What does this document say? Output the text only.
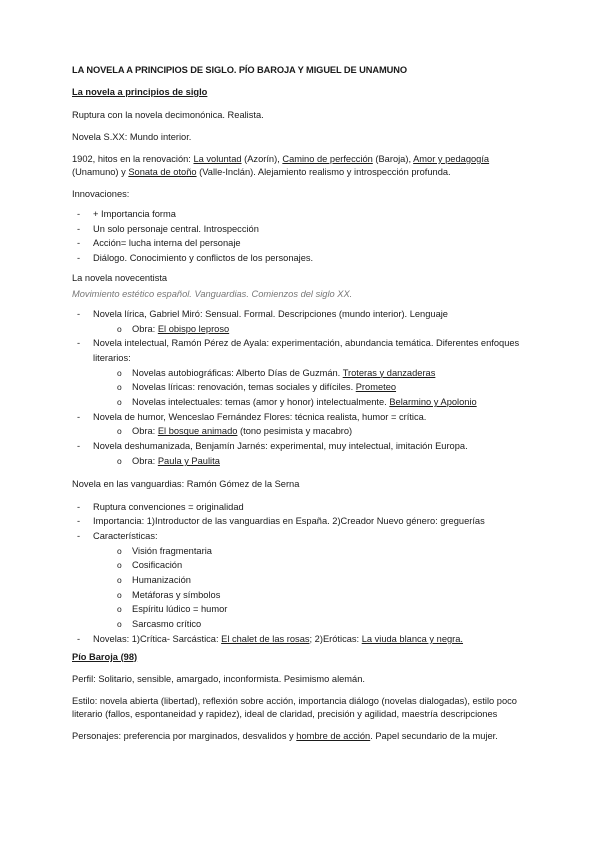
LA NOVELA A PRINCIPIOS DE SIGLO. PÍO BAROJA Y MIGUEL DE UNAMUNO

La novela a principios de siglo

Ruptura con la novela decimonónica. Realista.

Novela S.XX: Mundo interior.

1902, hitos en la renovación: La voluntad (Azorín), Camino de perfección (Baroja), Amor y pedagogía (Unamuno) y Sonata de otoño (Valle-Inclán). Alejamiento realismo y introspección profunda.

Innovaciones:

- + Importancia forma
- Un solo personaje central. Introspección
- Acción= lucha interna del personaje
- Diálogo. Conocimiento y conflictos de los personajes.

La novela novecentista

Movimiento estético español. Vanguardias. Comienzos del siglo XX.

- Novela lírica, Gabriel Miró: Sensual. Formal. Descripciones (mundo interior). Lenguaje
o Obra: El obispo leproso
- Novela intelectual, Ramón Pérez de Ayala: experimentación, abundancia temática. Diferentes enfoques literarios:
o Novelas autobiográficas: Alberto Días de Guzmán. Troteras y danzaderas
o Novelas líricas: renovación, temas sociales y difíciles. Prometeo
o Novelas intelectuales: temas (amor y honor) intelectualmente. Belarmino y Apolonio
- Novela de humor, Wenceslao Fernández Flores: técnica realista, humor = crítica.
o Obra: El bosque animado (tono pesimista y macabro)
- Novela deshumanizada, Benjamín Jarnés: experimental, muy intelectual, imitación Europa.
o Obra: Paula y Paulita

Novela en las vanguardias: Ramón Gómez de la Serna

- Ruptura convenciones = originalidad
- Importancia: 1)Introductor de las vanguardias en España. 2)Creador Nuevo género: greguerías
- Características:
o Visión fragmentaria
o Cosificación
o Humanización
o Metáforas y símbolos
o Espíritu lúdico = humor
o Sarcasmo crítico
- Novelas: 1)Crítica- Sarcástica: El chalet de las rosas; 2)Eróticas: La viuda blanca y negra.

Pío Baroja (98)

Perfil: Solitario, sensible, amargado, inconformista. Pesimismo alemán.

Estilo: novela abierta (libertad), reflexión sobre acción, importancia diálogo (novelas dialogadas), estilo poco literario (fallos, espontaneidad y rapidez), ideal de claridad, precisión y agilidad, maestría descripciones

Personajes: preferencia por marginados, desvalidos y hombre de acción. Papel secundario de la mujer.
